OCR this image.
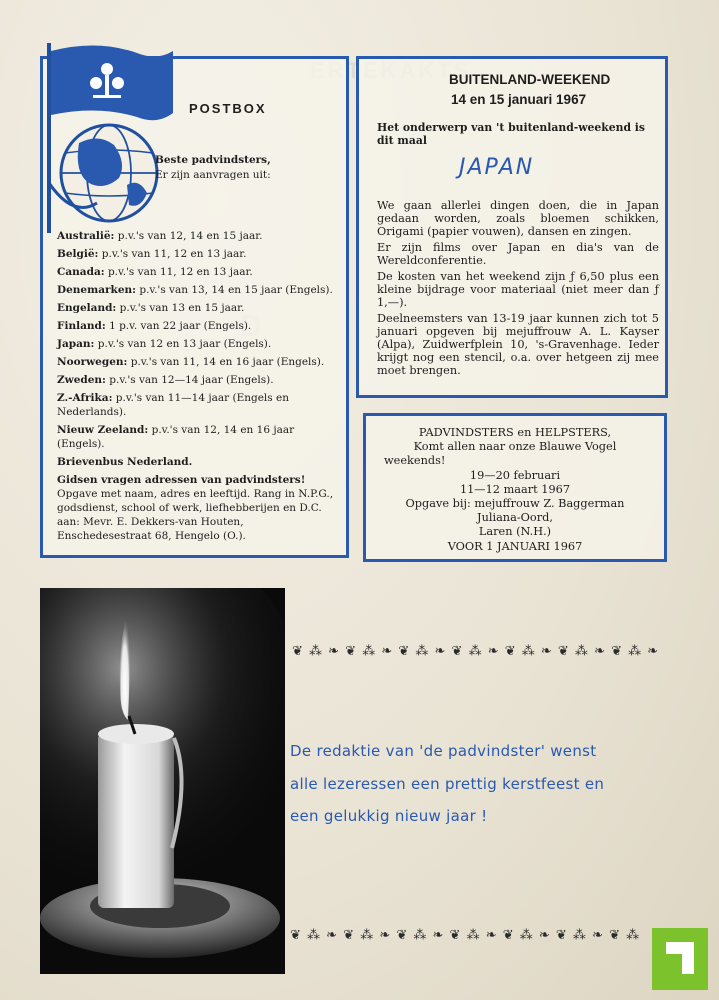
POSTBOX
Beste padvindsters,
Er zijn aanvragen uit:
Australië: p.v.'s van 12, 14 en 15 jaar.
België: p.v.'s van 11, 12 en 13 jaar.
Canada: p.v.'s van 11, 12 en 13 jaar.
Denemarken: p.v.'s van 13, 14 en 15 jaar (Engels).
Engeland: p.v.'s van 13 en 15 jaar.
Finland: 1 p.v. van 22 jaar (Engels).
Japan: p.v.'s van 12 en 13 jaar (Engels).
Noorwegen: p.v.'s van 11, 14 en 16 jaar (Engels).
Zweden: p.v.'s van 12—14 jaar (Engels).
Z.-Afrika: p.v.'s van 11—14 jaar (Engels en Nederlands).
Nieuw Zeeland: p.v.'s van 12, 14 en 16 jaar (Engels).
Brievenbus Nederland.
Gidsen vragen adressen van padvindsters!
Opgave met naam, adres en leeftijd. Rang in N.P.G., godsdienst, school of werk, liefhebberijen en D.C. aan: Mevr. E. Dekkers-van Houten, Enschedesestraat 68, Hengelo (O.).
BUITENLAND-WEEKEND
14 en 15 januari 1967
Het onderwerp van 't buitenland-weekend is dit maal
JAPAN

We gaan allerlei dingen doen, die in Japan gedaan worden, zoals bloemen schikken, Origami (papier vouwen), dansen en zingen.

Er zijn films over Japan en dia's van de Wereldconferentie.

De kosten van het weekend zijn ƒ 6,50 plus een kleine bijdrage voor materiaal (niet meer dan ƒ 1,—).

Deelneemsters van 13-19 jaar kunnen zich tot 5 januari opgeven bij mejuffrouw A. L. Kayser (Alpa), Zuidwerfplein 10, 's-Gravenhage. Ieder krijgt nog een stencil, o.a. over hetgeen zij mee moet brengen.

PADVINDSTERS en HELPSTERS,
Komt allen naar onze Blauwe Vogel
weekends!
19—20 februari
11—12 maart 1967
Opgave bij: mejuffrouw Z. Baggerman
Juliana-Oord,
Laren (N.H.)
VOOR 1 JANUARI 1967
❦ ⁂ ❧ ❦ ⁂ ❧ ❦ ⁂ ❧ ❦ ⁂ ❧ ❦ ⁂ ❧ ❦ ⁂ ❧ ❦ ⁂ ❧
❦ ⁂ ❧ ❦ ⁂ ❧ ❦ ⁂ ❧ ❦ ⁂ ❧ ❦ ⁂ ❧ ❦ ⁂ ❧ ❦ ⁂
De redaktie van 'de padvindster' wenst
alle lezeressen een prettig kerstfeest en
een gelukkig nieuw jaar !
